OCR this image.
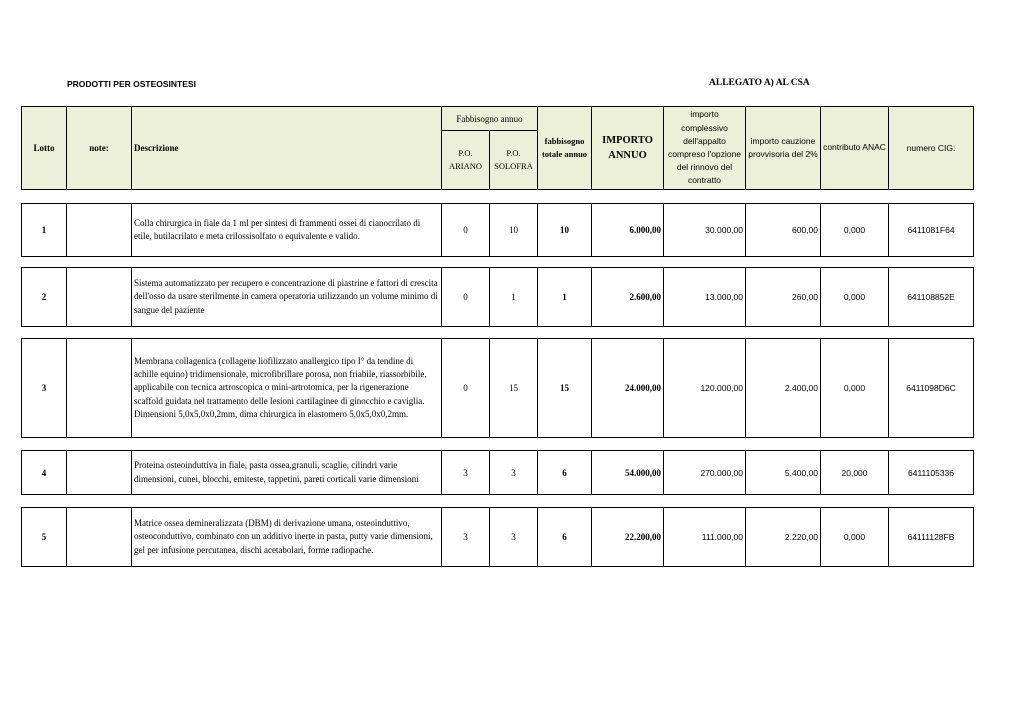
PRODOTTI PER OSTEOSINTESI	ALLEGATO A) AL CSA
Lotto	note:	Descrizione	Fabbisogno annuo		fabbisogno totale annuo	IMPORTO ANNUO	importo complessivo dell'appalto compreso l'opzione del rinnovo del contratto	importo cauzione provvisoria del 2%	contributo ANAC	numero CIG:
			P.O. ARIANO	P.O. SOLOFRA						
1		Colla chirurgica in fiale da 1 ml per sintesi di frammenti ossei di cianocrilato di etile, butilacrilato e meta crilossisolfato o equivalente e valido.	0	10	10	6.000,00	30.000,00	600,00	0,000	6411081F64
2		Sistema automatizzato per recupero e concentrazione di piastrine e fattori di crescita dell'osso da usare sterilmente in camera operatoria utilizzando un volume minimo di sangue del paziente	0	1	1	2.600,00	13.000,00	260,00	0,000	641108852E
3		Membrana collagenica (collagene liofilizzato anallergico tipo I° da tendine di achille equino) tridimensionale, microfibrillare porosa, non friabile, riassorbibile, applicabile con tecnica artroscopica o mini-artrotomica, per la rigenerazione scaffold guidata nel trattamento delle lesioni cartilaginee di ginocchio e caviglia. Dimensioni 5,0x5,0x0,2mm, dima chirurgica in elastomero 5,0x5,0x0,2mm.	0	15	15	24.000,00	120.000,00	2.400,00	0,000	6411098D6C
4		Proteina osteoinduttiva in fiale, pasta ossea,granuli, scaglie, cilindri varie dimensioni, cunei, blocchi, emiteste, tappetini, pareti corticali varie dimensioni	3	3	6	54.000,00	270.000,00	5.400,00	20,000	6411105336
5		Matrice ossea demineralizzata (DBM) di derivazione umana, osteoinduttivo, osteoconduttivo, combinato con un additivo inerte in pasta, putty varie dimensioni, gel per infusione percutanea, dischi acetabolari, forme radiopache.	3	3	6	22.200,00	111.000,00	2.220,00	0,000	64111128FB
